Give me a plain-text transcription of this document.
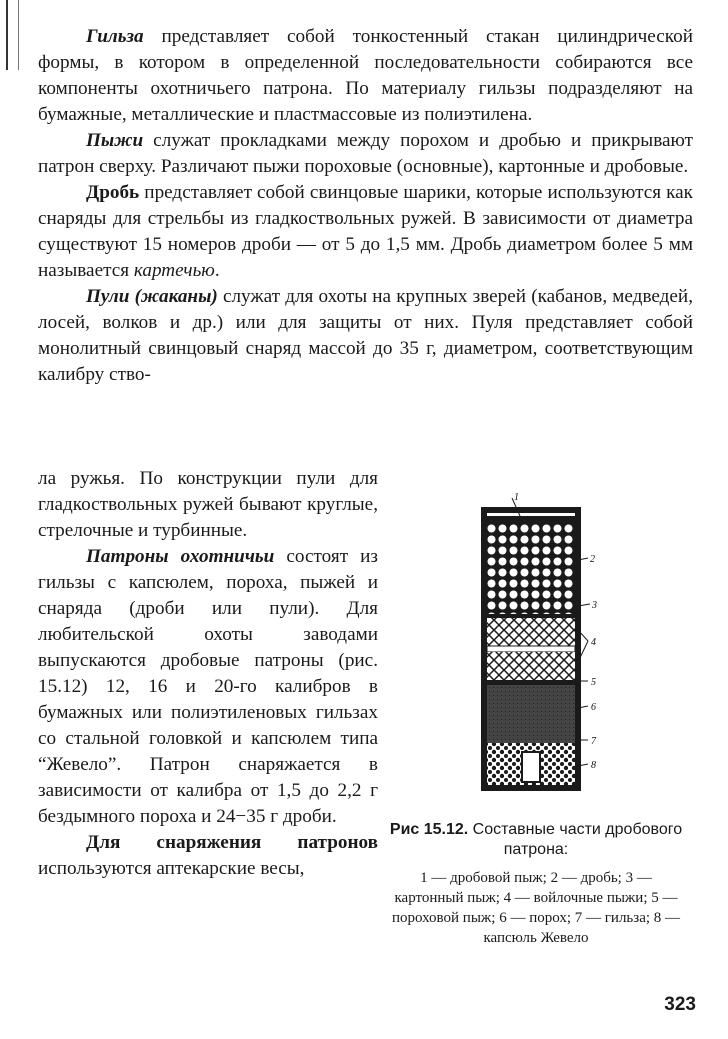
Гильза представляет собой тонкостенный стакан цилиндрической формы, в котором в определенной последовательности собираются все компоненты охотничьего патрона. По материалу гильзы подразделяют на бумажные, металлические и пластмассовые из полиэтилена.

Пыжи служат прокладками между порохом и дробью и прикрывают патрон сверху. Различают пыжи пороховые (основные), картонные и дробовые.

Дробь представляет собой свинцовые шарики, которые используются как снаряды для стрельбы из гладкоствольных ружей. В зависимости от диаметра существуют 15 номеров дроби — от 5 до 1,5 мм. Дробь диаметром более 5 мм называется картечью.

Пули (жаканы) служат для охоты на крупных зверей (кабанов, медведей, лосей, волков и др.) или для защиты от них. Пуля представляет собой монолитный свинцовый снаряд массой до 35 г, диаметром, соответствующим калибру ство-

ла ружья. По конструкции пули для гладкоствольных ружей бывают круглые, стрелочные и турбинные.

Патроны охотничьи состоят из гильзы с капсюлем, пороха, пыжей и снаряда (дроби или пули). Для любительской охоты заводами выпускаются дробовые патроны (рис. 15.12) 12, 16 и 20-го калибров в бумажных или полиэтиленовых гильзах со стальной головкой и капсюлем типа “Жевело”. Патрон снаряжается в зависимости от калибра от 1,5 до 2,2 г бездымного пороха и 24−35 г дроби.

Для снаряжения патронов используются аптекарские весы,

1
2
3
4
5
6
7
8
Рис 15.12. Составные части дробового патрона:
1 — дробовой пыж; 2 — дробь; 3 — картонный пыж; 4 — войлочные пыжи; 5 — пороховой пыж; 6 — порох; 7 — гильза; 8 — капсюль Жевело
323
